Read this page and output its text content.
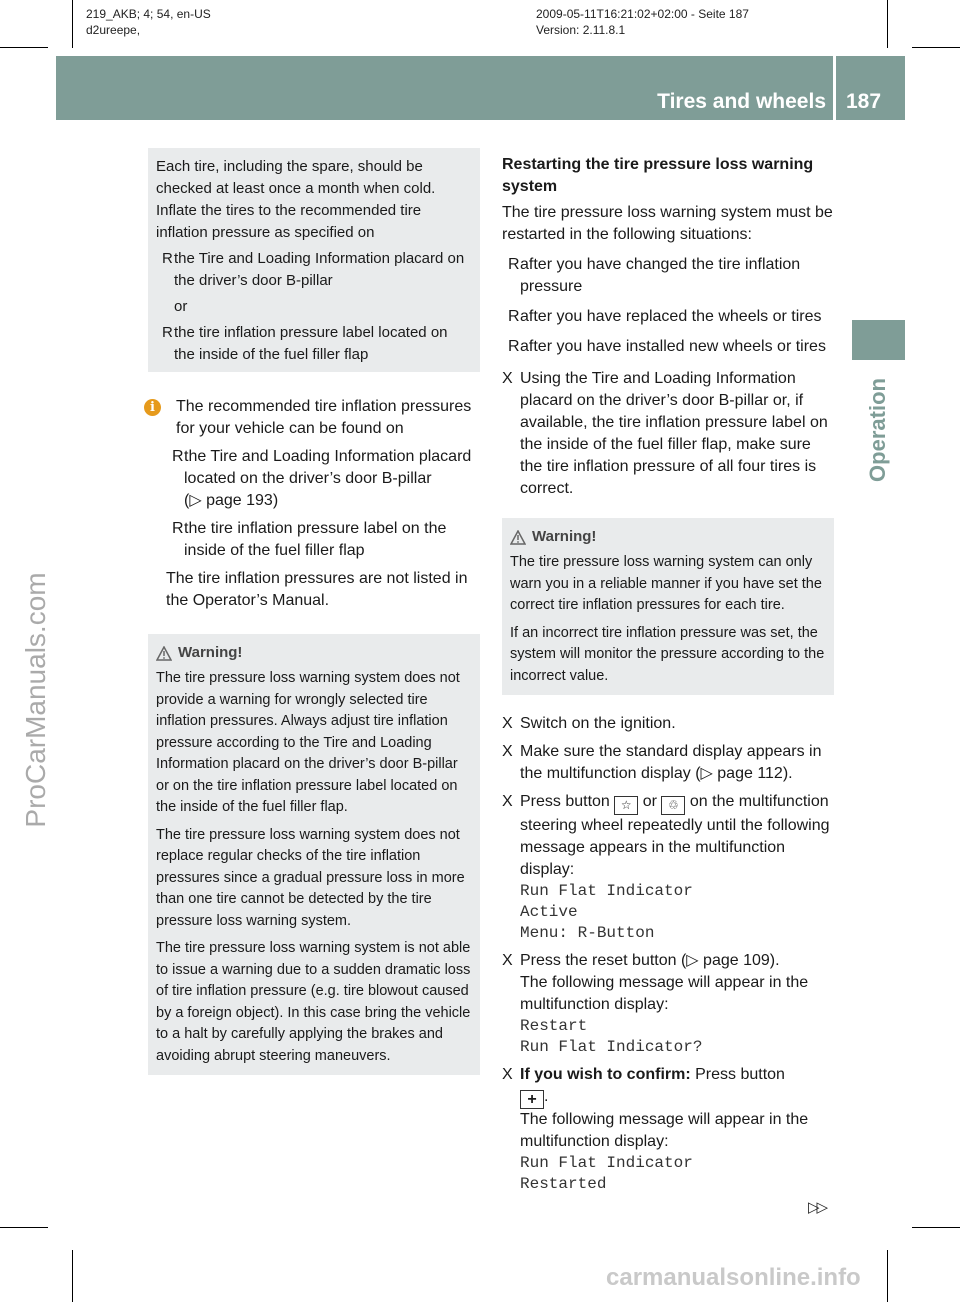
219_AKB; 4; 54, en-US
d2ureepe,
2009-05-11T16:21:02+02:00 - Seite 187
Version: 2.11.8.1
Tires and wheels 187
Operation
ProCarManuals.com

Each tire, including the spare, should be checked at least once a month when cold. Inflate the tires to the recommended tire inflation pressure as specified on

R the Tire and Loading Information placard on the driver’s door B-pillar

or

R the tire inflation pressure label located on the inside of the fuel filler flap

i	The recommended tire inflation pressures for your vehicle can be found on

R the Tire and Loading Information placard located on the driver’s door B-pillar
(▷ page 193)

R the tire inflation pressure label on the inside of the fuel filler flap

The tire inflation pressures are not listed in the Operator’s Manual.

Warning!

The tire pressure loss warning system does not provide a warning for wrongly selected tire inflation pressures. Always adjust tire inflation pressure according to the Tire and Loading Information placard on the driver’s door B-pillar or on the tire inflation pressure label located on the inside of the fuel filler flap.

The tire pressure loss warning system does not replace regular checks of the tire inflation pressures since a gradual pressure loss in more than one tire cannot be detected by the tire pressure loss warning system.

The tire pressure loss warning system is not able to issue a warning due to a sudden dramatic loss of tire inflation pressure (e.g. tire blowout caused by a foreign object). In this case bring the vehicle to a halt by carefully applying the brakes and avoiding abrupt steering maneuvers.

Restarting the tire pressure loss warning system

The tire pressure loss warning system must be restarted in the following situations:

R after you have changed the tire inflation pressure

R after you have replaced the wheels or tires

R after you have installed new wheels or tires

X Using the Tire and Loading Information placard on the driver’s door B-pillar or, if available, the tire inflation pressure label on the inside of the fuel filler flap, make sure the tire inflation pressure of all four tires is correct.

Warning!

The tire pressure loss warning system can only warn you in a reliable manner if you have set the correct tire inflation pressures for each tire.

If an incorrect tire inflation pressure was set, the system will monitor the pressure according to the incorrect value.

X Switch on the ignition.

X Make sure the standard display appears in the multifunction display (▷ page 112).

X Press button ☆ or ♲ on the multifunction steering wheel repeatedly until the following message appears in the multifunction display:
Run Flat Indicator
Active
Menu: R-Button
X Press the reset button (▷ page 109).
The following message will appear in the multifunction display:
Restart
Run Flat Indicator?
X If you wish to confirm: Press button
+ .
The following message will appear in the multifunction display:
Run Flat Indicator
Restarted
▷▷
carmanualsonline.info
